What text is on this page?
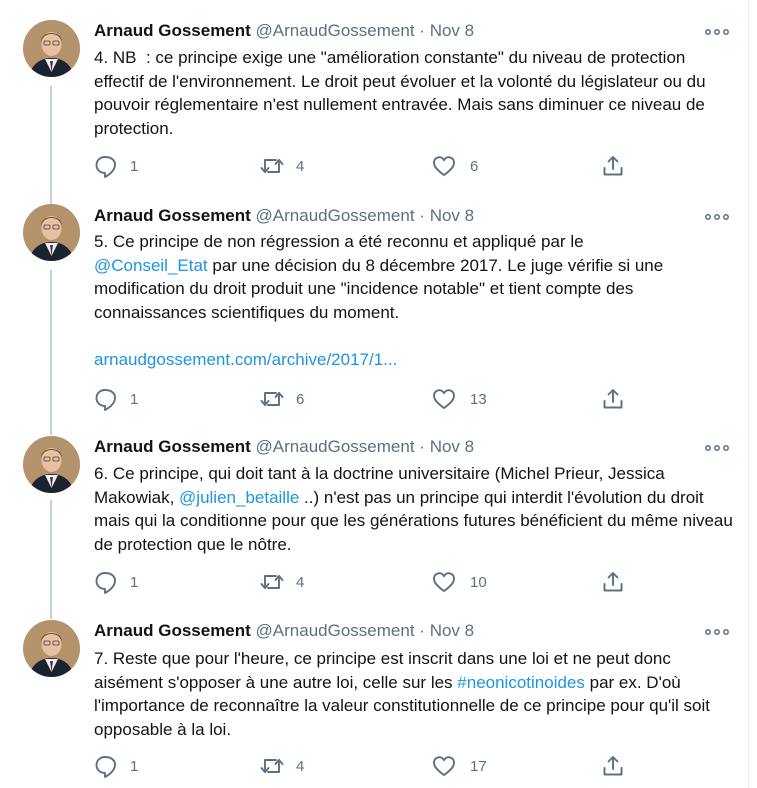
Arnaud Gossement @ArnaudGossement · Nov 8
4. NB  : ce principe exige une "amélioration constante" du niveau de protection effectif de l'environnement. Le droit peut évoluer et la volonté du législateur ou du pouvoir réglementaire n'est nullement entravée. Mais sans diminuer ce niveau de protection.
1	4	6
Arnaud Gossement @ArnaudGossement · Nov 8
5. Ce principe de non régression a été reconnu et appliqué par le
@Conseil_Etat par une décision du 8 décembre 2017. Le juge vérifie si une modification du droit produit une "incidence notable" et tient compte des connaissances scientifiques du moment.

arnaudgossement.com/archive/2017/1...
1	6	13
Arnaud Gossement @ArnaudGossement · Nov 8
6. Ce principe, qui doit tant à la doctrine universitaire (Michel Prieur, Jessica Makowiak, @julien_betaille ..) n'est pas un principe qui interdit l'évolution du droit mais qui la conditionne pour que les générations futures bénéficient du même niveau de protection que le nôtre.
1	4	10
Arnaud Gossement @ArnaudGossement · Nov 8
7. Reste que pour l'heure, ce principe est inscrit dans une loi et ne peut donc aisément s'opposer à une autre loi, celle sur les #neonicotinoides par ex. D'où l'importance de reconnaître la valeur constitutionnelle de ce principe pour qu'il soit opposable à la loi.
1	4	17
